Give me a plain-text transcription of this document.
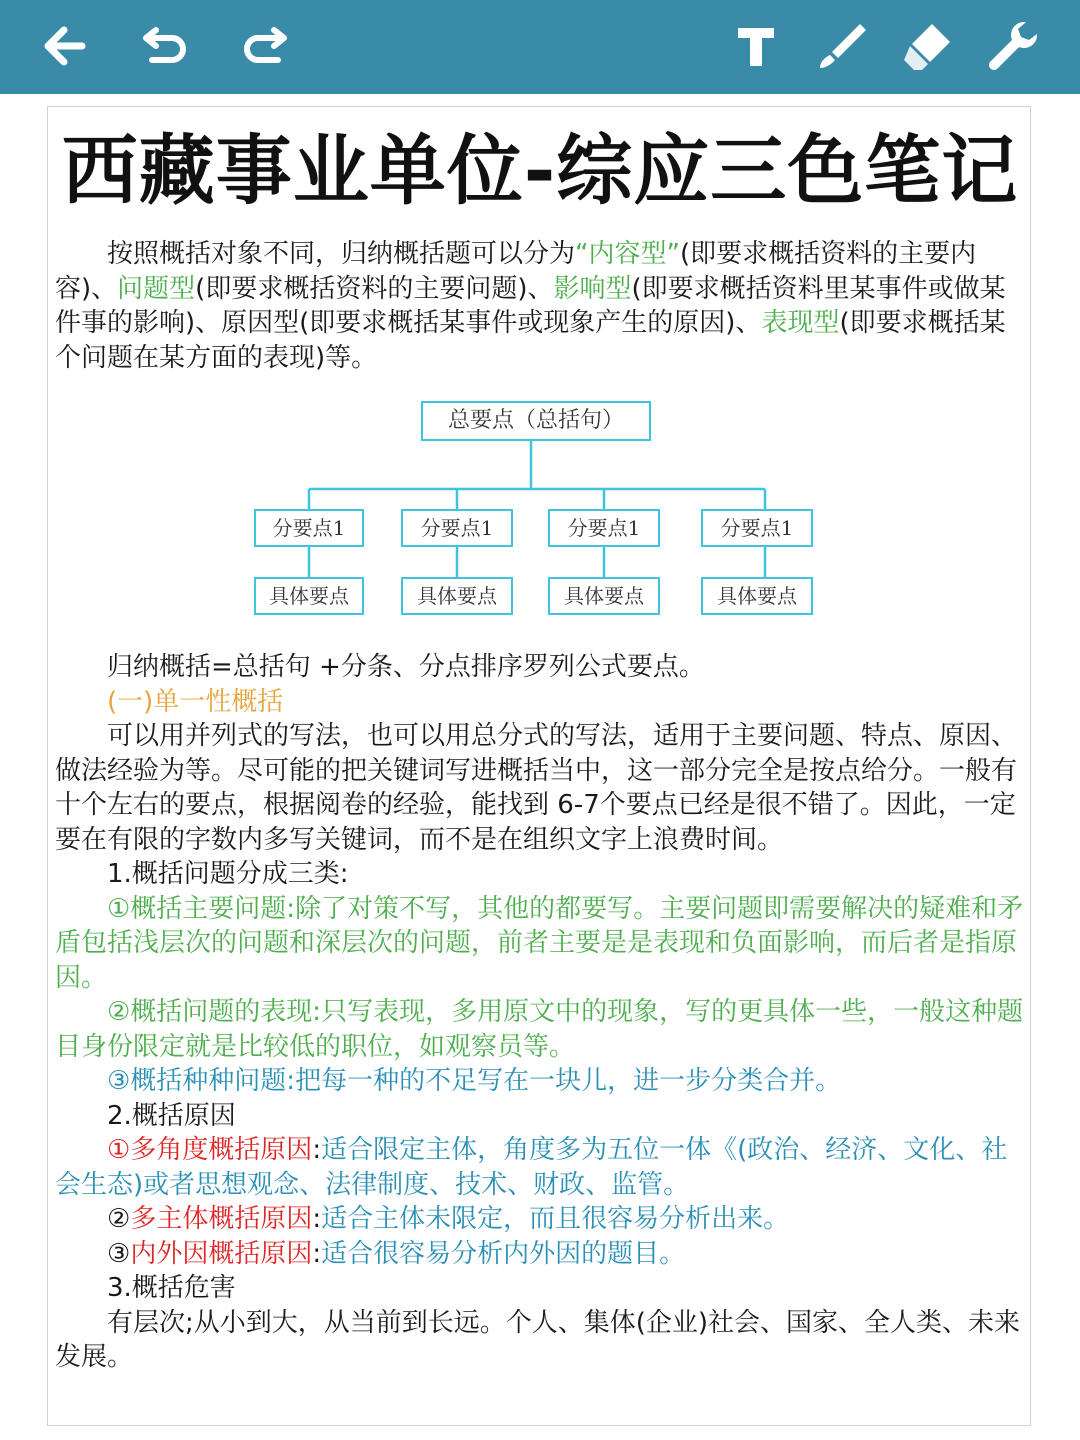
西藏事业单位-综应三色笔记
按照概括对象不同，归纳概括题可以分为“内容型”(即要求概括资料的主要内容)、问题型(即要求概括资料的主要问题)、影响型(即要求概括资料里某事件或做某件事的影响)、原因型(即要求概括某事件或现象产生的原因)、表现型(即要求概括某个问题在某方面的表现)等。
总要点（总括句）
分要点1	分要点1	分要点1	分要点1
具体要点	具体要点	具体要点	具体要点

归纳概括=总括句 +分条、分点排序罗列公式要点。

(一)单一性概括

可以用并列式的写法，也可以用总分式的写法，适用于主要问题、特点、原因、做法经验为等。尽可能的把关键词写进概括当中，这一部分完全是按点给分。一般有十个左右的要点，根据阅卷的经验，能找到 6-7个要点已经是很不错了。因此，一定要在有限的字数内多写关键词，而不是在组织文字上浪费时间。

1.概括问题分成三类:

①概括主要问题:除了对策不写，其他的都要写。主要问题即需要解决的疑难和矛盾包括浅层次的问题和深层次的问题，前者主要是是表现和负面影响，而后者是指原因。

②概括问题的表现:只写表现，多用原文中的现象，写的更具体一些，一般这种题目身份限定就是比较低的职位，如观察员等。

③概括种种问题:把每一种的不足写在一块儿，进一步分类合并。

2.概括原因

①多角度概括原因:适合限定主体，角度多为五位一体《(政治、经济、文化、社会生态)或者思想观念、法律制度、技术、财政、监管。

②多主体概括原因:适合主体未限定，而且很容易分析出来。

③内外因概括原因:适合很容易分析内外因的题目。

3.概括危害

有层次;从小到大，从当前到长远。个人、集体(企业)社会、国家、全人类、未来发展。
